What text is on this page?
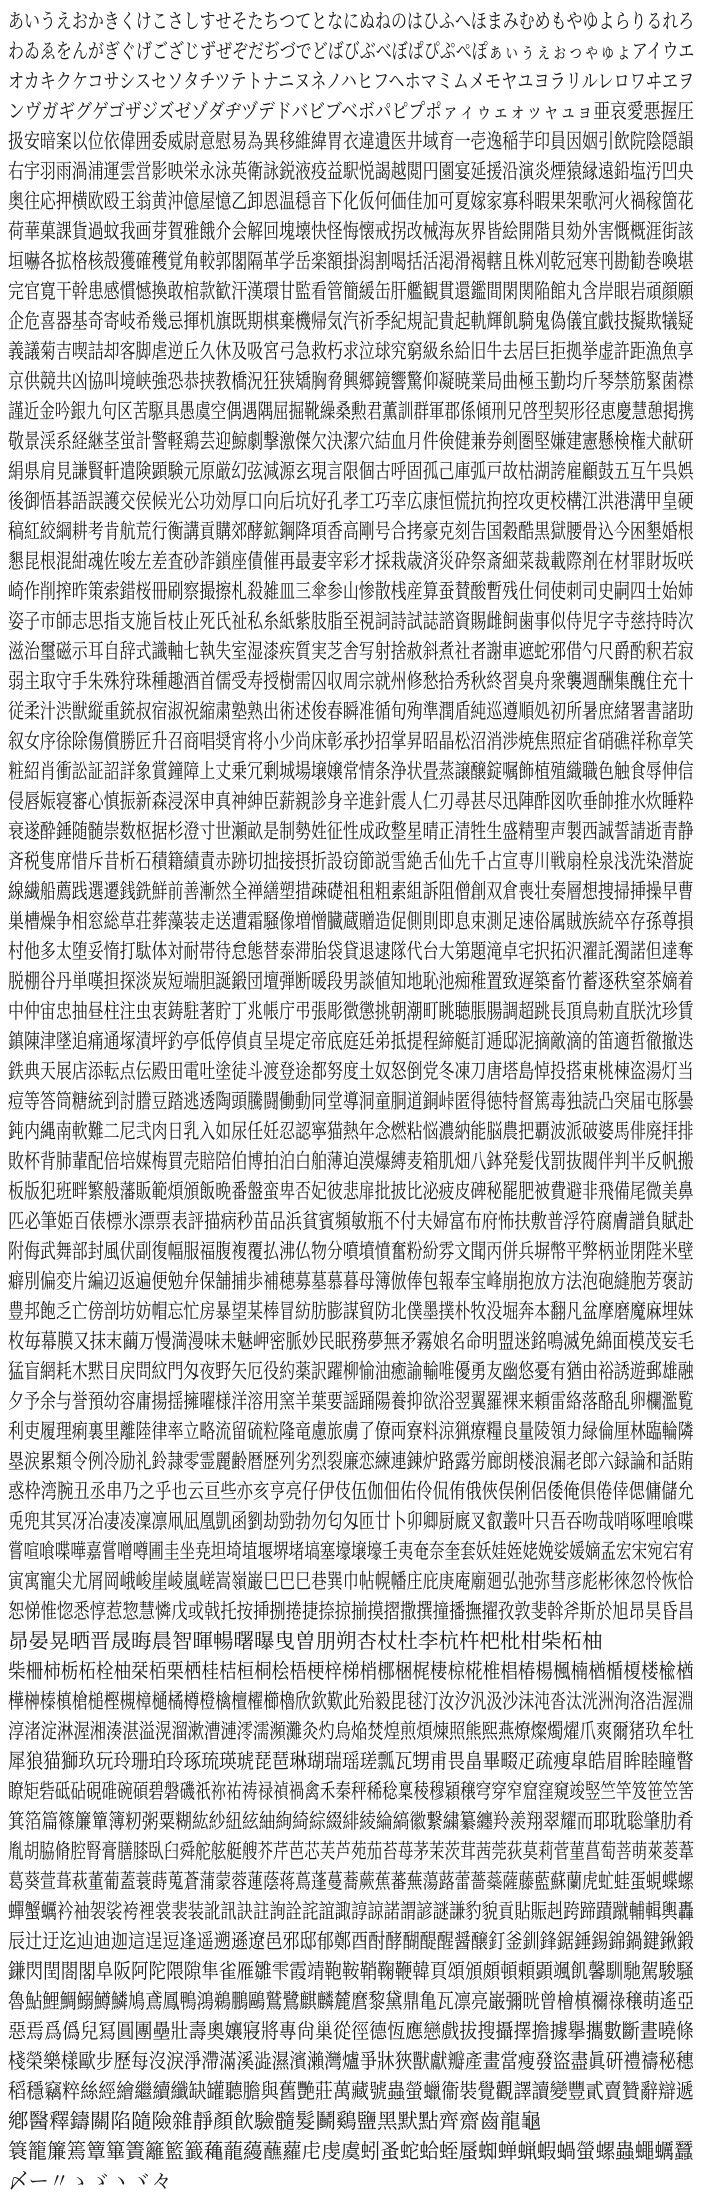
あいうえおかきくけこさしすせそたちつてとなにぬねのはひふへほまみむめもやゆよらりるれろ
わゐゑをんがぎぐげござじずぜぞだぢづでどばびぶべぼぱぴぷぺぽぁぃぅぇぉっゃゅょアイウエ
オカキクケコサシスセソタチツテトナニヌネノハヒフヘホマミムメモヤユヨラリルレロワヰヱヲ
ンヴガギグゲゴザジズゼゾダヂヅデドバビブベボパピプポァィゥェォッャュョ亜哀愛悪握圧
扱安暗案以位依偉囲委威尉意慰易為異移維緯胃衣違遺医井域育一壱逸稲芋印員因姻引飲院陰隠韻
右宇羽雨渦浦運雲営影映栄永泳英衛詠鋭液疫益駅悦謁越閲円園宴延援沿演炎煙猿縁遠鉛塩汚凹央
奥往応押横欧殴王翁黄沖億屋憶乙卸恩温穏音下化仮何価佳加可夏嫁家寡科暇果架歌河火禍稼箇花
荷華菓課貨過蚊我画芽賀雅餓介会解回塊壊快怪悔懐戒拐改械海灰界皆絵開階貝劾外害慨概涯街該
垣嚇各拡格核殻獲確穫覚角較郭閣隔革学岳楽額掛潟割喝括活渇滑褐轄且株刈乾冠寒刊勘勧巻喚堪
完官寛干幹患感慣憾換敢棺款歓汗漢環甘監看管簡緩缶肝艦観貫還鑑間閑関陥館丸含岸眼岩頑顔願
企危喜器基奇寄岐希幾忌揮机旗既期棋棄機帰気汽祈季紀規記貴起軌輝飢騎鬼偽儀宜戯技擬欺犠疑
義議菊吉喫詰却客脚虐逆丘久休及吸宮弓急救朽求泣球究窮級糸給旧牛去居巨拒拠挙虚許距漁魚享
京供競共凶協叫境峡強恐恭挟教橋況狂狭矯胸脅興郷鏡響驚仰凝暁業局曲極玉勤均斤琴禁筋緊菌襟
謹近金吟銀九句区苦駆具愚虞空偶遇隅屈掘靴繰桑勲君薫訓群軍郡係傾刑兄啓型契形径恵慶慧憩掲携
敬景渓系経継茎蛍計警軽鶏芸迎鯨劇撃激傑欠決潔穴結血月件倹健兼券剣圏堅嫌建憲懸検権犬献研
絹県肩見謙賢軒遣険顕験元原厳幻弦減源玄現言限個古呼固孤己庫弧戸故枯湖誇雇顧鼓五互午呉娯
後御悟碁語誤護交侯候光公功効厚口向后坑好孔孝工巧幸広康恒慌抗拘控攻更校構江洪港溝甲皇硬
稿紅絞綱耕考肯航荒行衡講貢購郊酵鉱鋼降項香高剛号合拷豪克刻告国穀酷黒獄腰骨込今困墾婚根
懇昆根混紺魂佐唆左差査砂詐鎖座債催再最妻宰彩才採栽歳済災砕祭斎細菜裁載際剤在材罪財坂咲
崎作削搾昨策索錯桜冊刷察撮擦札殺雑皿三傘参山惨散桟産算蚕賛酸暫残仕伺使刺司史嗣四士始姉
姿子市師志思指支施旨枝止死氏祉私糸紙紫肢脂至視詞詩試誌諮資賜雌飼歯事似侍児字寺慈持時次
滋治璽磁示耳自辞式識軸七執失室湿漆疾質実芝舎写射捨赦斜煮社者謝車遮蛇邪借勺尺爵酌釈若寂
弱主取守手朱殊狩珠種趣酒首儒受寿授樹需囚収周宗就州修愁拾秀秋終習臭舟衆襲週酬集醜住充十
従柔汁渋獣縦重銃叔宿淑祝縮粛塾熟出術述俊春瞬准循旬殉準潤盾純巡遵順処初所暑庶緒署書諸助
叙女序徐除傷償勝匠升召商唱奨宵将小少尚床彰承抄招掌昇昭晶松沼消渉焼焦照症省硝礁祥称章笑
粧紹肖衝訟証詔詳象賞鐘障上丈乗冗剰城場壌嬢常情条浄状畳蒸譲醸錠嘱飾植殖織職色触食辱伸信
侵唇娠寝審心慎振新森浸深申真神紳臣薪親診身辛進針震人仁刃尋甚尽迅陣酢図吹垂帥推水炊睡粋
衰遂酔錘随髄崇数枢据杉澄寸世瀬畝是制勢姓征性成政整星晴正清牲生盛精聖声製西誠誓請逝青静
斉税隻席惜斥昔析石積籍績責赤跡切拙接摂折設窃節説雪絶舌仙先千占宣専川戦扇栓泉浅洗染潜旋
線繊船薦践選遷銭銑鮮前善漸然全禅繕塑措疎礎祖租粗素組訴阻僧創双倉喪壮奏層想捜掃挿操早曹
巣槽燥争相窓総草荘葬藻装走送遭霜騒像増憎臓蔵贈造促側則即息束測足速俗属賊族続卒存孫尊損
村他多太堕妥惰打駄体対耐帯待怠態替泰滞胎袋貸退逮隊代台大第題滝卓宅択拓沢濯託濁諾但達奪
脱棚谷丹単嘆担探淡炭短端胆誕鍛団壇弾断暖段男談値知地恥池痴稚置致遅築畜竹蓄逐秩窒茶嫡着
中仲宙忠抽昼柱注虫衷鋳駐著貯丁兆帳庁弔張彫徴懲挑朝潮町眺聴脹腸調超跳長頂鳥勅直朕沈珍賃
鎮陳津墜追痛通塚漬坪釣亭低停偵貞呈堤定帝底庭廷弟抵提程締艇訂逓邸泥摘敵滴的笛適哲徹撤迭
鉄典天展店添転点伝殿田電吐塗徒斗渡登途都努度土奴怒倒党冬凍刀唐塔島悼投搭東桃棟盗湯灯当
痘等答筒糖統到討謄豆踏逃透陶頭騰闘働動同堂導洞童胴道銅峠匿得徳特督篤毒独読凸突届屯豚曇
鈍内縄南軟難二尼弐肉日乳入如尿任妊忍認寧猫熱年念燃粘悩濃納能脳農把覇波派破婆馬俳廃拝排
敗杯背肺輩配倍培媒梅買売賠陪伯博拍泊白舶薄迫漠爆縛麦箱肌畑八鉢発髪伐罰抜閥伴判半反帆搬
板版犯班畔繁般藩販範煩頒飯晩番盤蛮卑否妃彼悲扉批披比泌疲皮碑秘罷肥被費避非飛備尾微美鼻
匹必筆姫百俵標氷漂票表評描病秒苗品浜貧賓頻敏瓶不付夫婦富布府怖扶敷普浮符腐膚譜負賦赴
附侮武舞部封風伏副復幅服福腹複覆払沸仏物分噴墳憤奮粉紛雰文聞丙併兵塀幣平弊柄並閉陛米壁
癖別偏変片編辺返遍便勉弁保舗捕歩補穂募墓慕暮母簿倣俸包報奉宝峰崩抱放方法泡砲縫胞芳褒訪
豊邦飽乏亡傍剖坊妨帽忘忙房暴望某棒冒紡肪膨謀貿防北僕墨撲朴牧没堀奔本翻凡盆摩磨魔麻埋妹
枚毎幕膜又抹末繭万慢満漫味未魅岬密脈妙民眠務夢無矛霧娘名命明盟迷銘鳴滅免綿面模茂妄毛
猛盲網耗木黙目戻問紋門匁夜野矢厄役約薬訳躍柳愉油癒諭輸唯優勇友幽悠憂有猶由裕誘遊郵雄融
夕予余与誉預幼容庸揚揺擁曜様洋溶用窯羊葉要謡踊陽養抑欲浴翌翼羅裸来頼雷絡落酪乱卵欄濫覧
利吏履理痢裏里離陸律率立略流留硫粒隆竜慮旅虜了僚両寮料涼猟療糧良量陵領力緑倫厘林臨輪隣
塁涙累類令例冷励礼鈴隷零霊麗齢暦歴列劣烈裂廉恋練連錬炉路露労廊朗楼浪漏老郎六録論和話賄
惑枠湾腕丑丞串乃之乎也云亘些亦亥亨亮仔伊伎伍伽佃佑伶侃侑俄俠俣俐侶倭俺倶倦倖偲傭儲允
兎兜其冥冴冶凄凌凜凛凧凪凰凱函劉劫勁勃勿匂匁匝廿卜卯卿厨廐叉叡叢叶只吾吞吻哉哨啄哩喰喋
嘗喧喰喋嘩嘉嘗噌噂圃圭坐尭坦埼埴堰堺堵塙塞壕壌壕壬夷奄奈奎套妖娃姪姥娩娑媛嫡孟宏宋宛宕宥
寅寓寵尖尤屑岡峨峻崖崚嵐嵯嵩嶺巌巳巴巳巷巽巾帖幌幡庄庇庚庵廟廻弘弛弥彗彦彪彬徠忽怜恢恰
恕悌惟惚悉惇惹惣慧憐戊或戟托按挿捌捲捷捺掠揃摸摺撒撰撞播撫擢孜敦斐斡斧斯於旭昂昊昏昌
昴晏晃晒晋晟晦晨智暉暢曙曝曳曽朋朔杏杖杜李杭杵杷枇柑柴柘柚
柴柵柿栃柘栓柚栞栢栗栖桂桔桓桐桧梧梗梓梯梢梛梱梶棲椋椛椎椙椿楊楓楠楢楯榎楼楡楢
樺榊榛槙槍槌樫槻樟樋橘樽橙檎檀櫂櫛櫓欣欽歎此殆毅毘毬汀汝汐汎汲沙沫沌沓汰洸洲洵洛浩渥淵
淳渚淀淋渥湘湊湛溢滉溜漱漕漣澪濡瀕灘灸灼烏焔焚煌煎煩煉照熊熙燕燎燦燭燿爪爽爾猪玖牟牡
犀狼猫獅玖玩玲珊珀玲琢琉瑛琥琵琶琳瑚瑞瑶瑳瓢瓦甥甫畏畠畢畷疋疏痩皐皓眉眸睦瞳瞥
瞭矩砦砥砧硯碓碗碩碧磐磯祇祢祐祷禄禎禍禽禾秦秤稀稔稟稜穆穎穣穹穿窄窟窪窺竣竪竺竿笈笹笠筈
箕箔篇篠簾簞簿籾粥粟糊紘紗紐絃紬絢綺綜綴緋綾綸縞徽繋繍纂纏羚羨翔翠耀而耶耽聡肇肋肴
胤胡脇脩腔腎膏膳膝臥臼舜舵舷艇艘芥芹芭芯芙芦苑茄苔苺茅茉茨茸茜莞荻莫莉菅菫菖萄菩萌萊菱葦
葛葵萱葺萩董葡蓋蓑蒔蒐蒼蒲蒙蓉蓮蔭蒋蔦蓬蔓蕎蕨蕉蕃蕪蕩蕗蕾薔蘂薩藤藍蘇蘭虎虻蛙蛋蜆蝶螺
蟬蟹蠣衿袖袈裟袴裡裳裴装訛訊訣註詢詮詫誼諏諄諒諾謂諺謎謙豹貌貢貼賑赳跨蹄蹟蹴輔輯輿轟
辰辻迂迄辿迪迦這逞逗逢遥遡遜遼邑邪邸郁鄭酉酎酵醐醍醒醤醸釘釜釧鋒鋸錘錫錦鍋鍵鍬鍛
鎌閃閏閤閣阜阪阿陀隈隙隼雀雁雛雫霞靖鞄鞍鞘鞠鞭韓頁頌頒頗頓頼顕颯飢馨馴馳駕駿騒
魯鮎鯉鯛鰯鱒鱗鳩鳶鳳鴨鴻鵜鵬鷗鷲鷺麒麟麓麿黎黛鼎亀瓦凛亮巌彌晄曾檜槙禰祿穣萌遙亞
惡焉爲僞兒冩圓團壘壯壽奧孃寢將專尙巢從徑德恆應戀戲拔搜攝擇擔據擧攜數斷晝曉條
棧榮樂樣歐步歷每沒淚淨滯滿溪澁濕濱瀨灣爐爭牀狹獸獻瓣產畫當瘦發盜盡眞硏禮禱秘穗
稻穩竊粹絲經繪繼續纖缺罐聽膽與舊艷莊萬藏號蟲螢蠟衞裝覺觀譯讀變豐貳賣贊辭辯遞
鄕醫釋鑄關陷隨險雜靜顏飮驗髓髮鬭鷄鹽黑默點齊齋齒龍龜
簑籠簾篶簟篳簀籬籃籖蘒蘢蘰蘸蘿虍虔虞蚓蚤蛇蛤蛭蜃蜘蝉蝋蝦蝸螢螺蟲蠅蠣蠶
〆ー〃ゝゞヽヾ々
